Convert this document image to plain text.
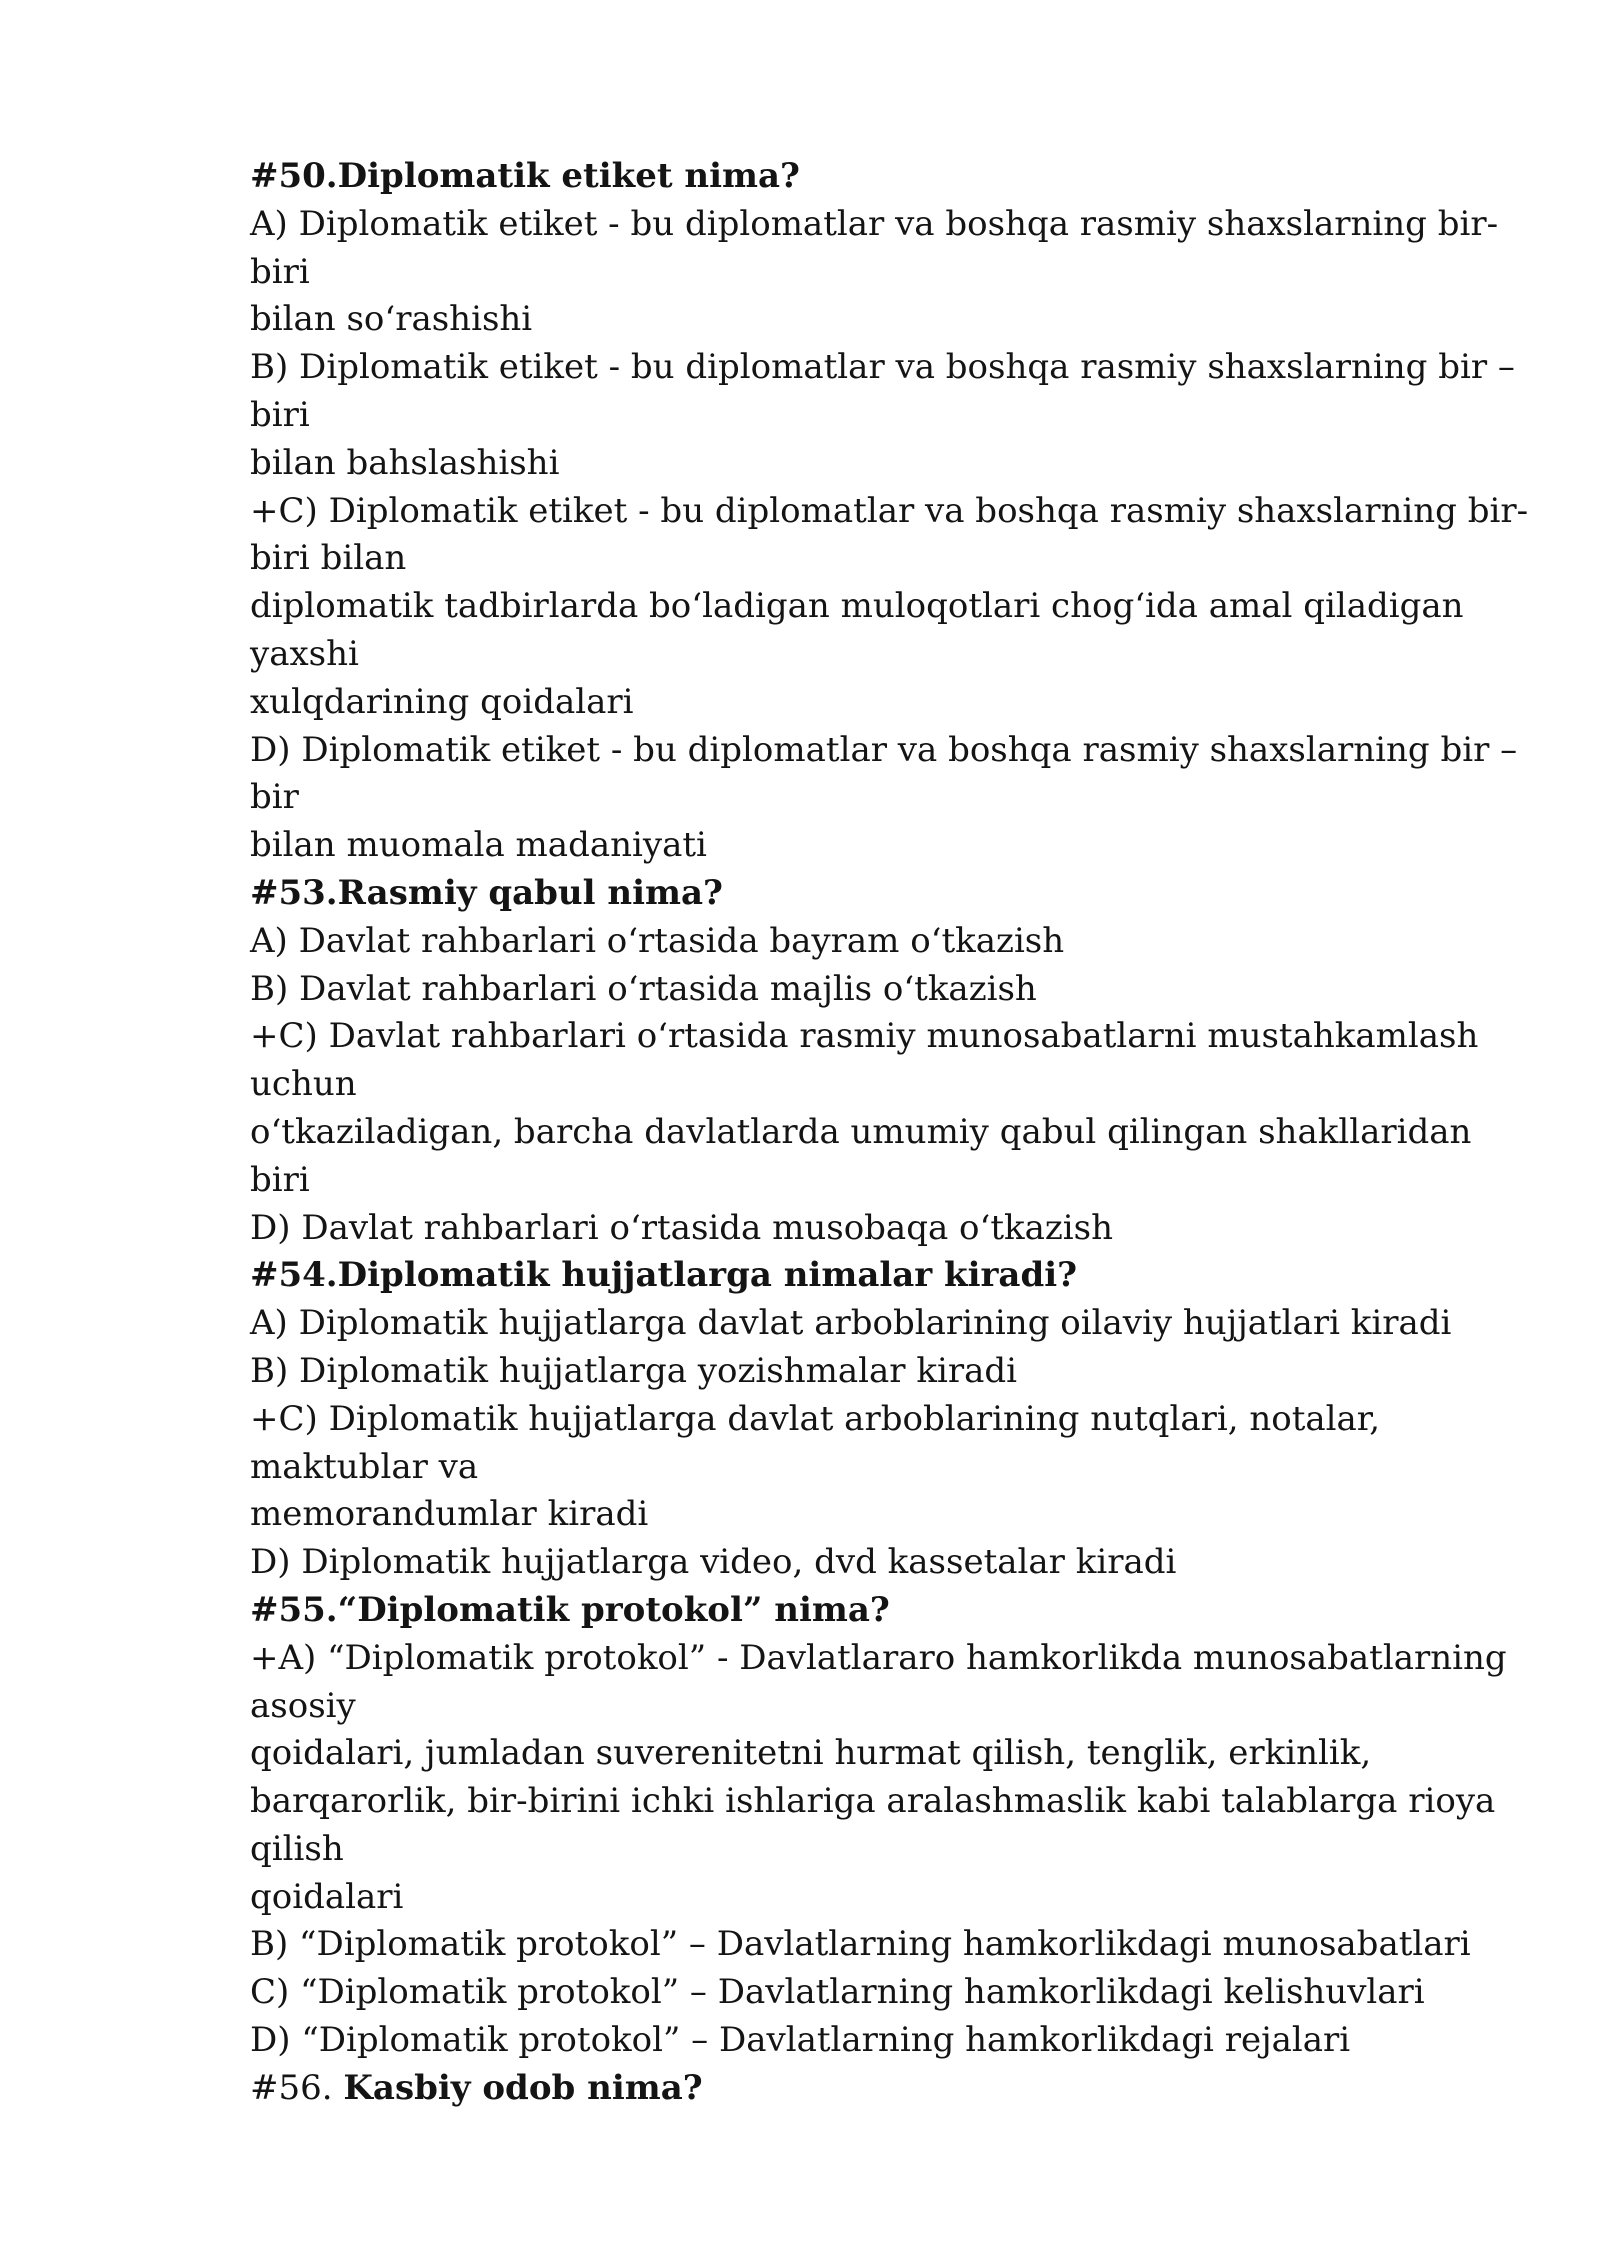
#50.Diplomatik etiket nima?
A) Diplomatik etiket - bu diplomatlar va boshqa rasmiy shaxslarning bir-
biri
bilan so‘rashishi
B) Diplomatik etiket - bu diplomatlar va boshqa rasmiy shaxslarning bir –
biri
bilan bahslashishi
+C) Diplomatik etiket - bu diplomatlar va boshqa rasmiy shaxslarning bir-
biri bilan
diplomatik tadbirlarda bo‘ladigan muloqotlari chog‘ida amal qiladigan
yaxshi
xulqdarining qoidalari
D) Diplomatik etiket - bu diplomatlar va boshqa rasmiy shaxslarning bir –
bir
bilan muomala madaniyati
#53.Rasmiy qabul nima?
A) Davlat rahbarlari o‘rtasida bayram o‘tkazish
B) Davlat rahbarlari o‘rtasida majlis o‘tkazish
+C) Davlat rahbarlari o‘rtasida rasmiy munosabatlarni mustahkamlash
uchun
o‘tkaziladigan, barcha davlatlarda umumiy qabul qilingan shakllaridan
biri
D) Davlat rahbarlari o‘rtasida musobaqa o‘tkazish
#54.Diplomatik hujjatlarga nimalar kiradi?
A) Diplomatik hujjatlarga davlat arboblarining oilaviy hujjatlari kiradi
B) Diplomatik hujjatlarga yozishmalar kiradi
+C) Diplomatik hujjatlarga davlat arboblarining nutqlari, notalar,
maktublar va
memorandumlar kiradi
D) Diplomatik hujjatlarga video, dvd kassetalar kiradi
#55.“Diplomatik protokol” nima?
+A) “Diplomatik protokol” - Davlatlararo hamkorlikda munosabatlarning
asosiy
qoidalari, jumladan suverenitetni hurmat qilish, tenglik, erkinlik,
barqarorlik, bir-birini ichki ishlariga aralashmaslik kabi talablarga rioya
qilish
qoidalari
B) “Diplomatik protokol” – Davlatlarning hamkorlikdagi munosabatlari
C) “Diplomatik protokol” – Davlatlarning hamkorlikdagi kelishuvlari
D) “Diplomatik protokol” – Davlatlarning hamkorlikdagi rejalari
#56. Kasbiy odob nima?
